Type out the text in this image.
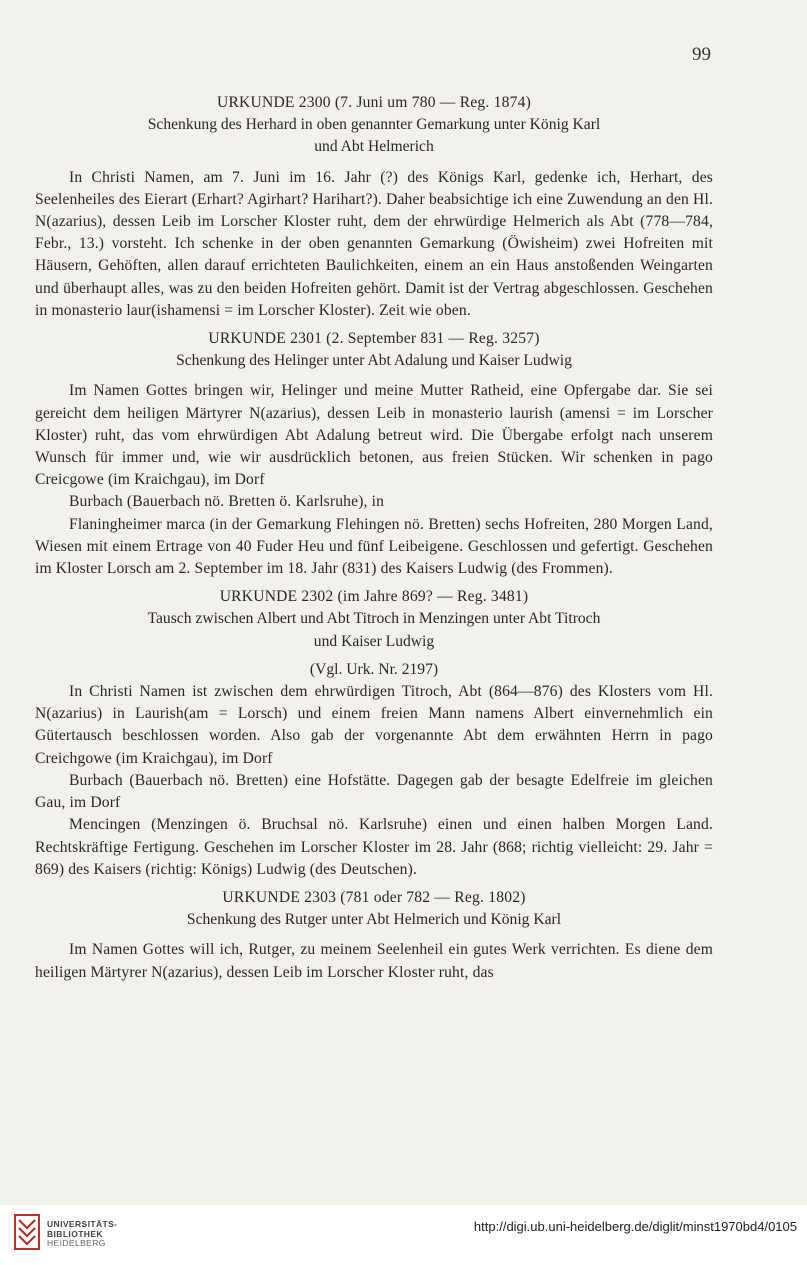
99

URKUNDE 2300 (7. Juni um 780 — Reg. 1874)

Schenkung des Herhard in oben genannter Gemarkung unter König Karl

und Abt Helmerich

In Christi Namen, am 7. Juni im 16. Jahr (?) des Königs Karl, gedenke ich, Herhart, des Seelenheiles des Eierart (Erhart? Agirhart? Harihart?). Daher beabsichtige ich eine Zuwendung an den Hl. N(azarius), dessen Leib im Lorscher Kloster ruht, dem der ehrwürdige Helmerich als Abt (778—784, Febr., 13.) vorsteht. Ich schenke in der oben genannten Gemarkung (Öwisheim) zwei Hofreiten mit Häusern, Gehöften, allen darauf errichteten Baulichkeiten, einem an ein Haus anstoßenden Weingarten und überhaupt alles, was zu den beiden Hofreiten gehört. Damit ist der Vertrag abgeschlossen. Geschehen in monasterio laur(ishamensi = im Lorscher Kloster). Zeit wie oben.

URKUNDE 2301 (2. September 831 — Reg. 3257)

Schenkung des Helinger unter Abt Adalung und Kaiser Ludwig

Im Namen Gottes bringen wir, Helinger und meine Mutter Ratheid, eine Opfergabe dar. Sie sei gereicht dem heiligen Märtyrer N(azarius), dessen Leib in monasterio laurish (amensi = im Lorscher Kloster) ruht, das vom ehrwürdigen Abt Adalung betreut wird. Die Übergabe erfolgt nach unserem Wunsch für immer und, wie wir ausdrücklich betonen, aus freien Stücken. Wir schenken in pago Creicgowe (im Kraichgau), im Dorf

Burbach (Bauerbach nö. Bretten ö. Karlsruhe), in

Flaningheimer marca (in der Gemarkung Flehingen nö. Bretten) sechs Hofreiten, 280 Morgen Land, Wiesen mit einem Ertrage von 40 Fuder Heu und fünf Leibeigene. Geschlossen und gefertigt. Geschehen im Kloster Lorsch am 2. September im 18. Jahr (831) des Kaisers Ludwig (des Frommen).

URKUNDE 2302 (im Jahre 869? — Reg. 3481)

Tausch zwischen Albert und Abt Titroch in Menzingen unter Abt Titroch

und Kaiser Ludwig

(Vgl. Urk. Nr. 2197)

In Christi Namen ist zwischen dem ehrwürdigen Titroch, Abt (864—876) des Klosters vom Hl. N(azarius) in Laurish(am = Lorsch) und einem freien Mann namens Albert einvernehmlich ein Gütertausch beschlossen worden. Also gab der vorgenannte Abt dem erwähnten Herrn in pago Creichgowe (im Kraichgau), im Dorf

Burbach (Bauerbach nö. Bretten) eine Hofstätte. Dagegen gab der besagte Edelfreie im gleichen Gau, im Dorf

Mencingen (Menzingen ö. Bruchsal nö. Karlsruhe) einen und einen halben Morgen Land. Rechtskräftige Fertigung. Geschehen im Lorscher Kloster im 28. Jahr (868; richtig vielleicht: 29. Jahr = 869) des Kaisers (richtig: Königs) Ludwig (des Deutschen).

URKUNDE 2303 (781 oder 782 — Reg. 1802)

Schenkung des Rutger unter Abt Helmerich und König Karl

Im Namen Gottes will ich, Rutger, zu meinem Seelenheil ein gutes Werk verrichten. Es diene dem heiligen Märtyrer N(azarius), dessen Leib im Lorscher Kloster ruht, das

UNIVERSITÄTS-
BIBLIOTHEK
HEIDELBERG
http://digi.ub.uni-heidelberg.de/diglit/minst1970bd4/0105
